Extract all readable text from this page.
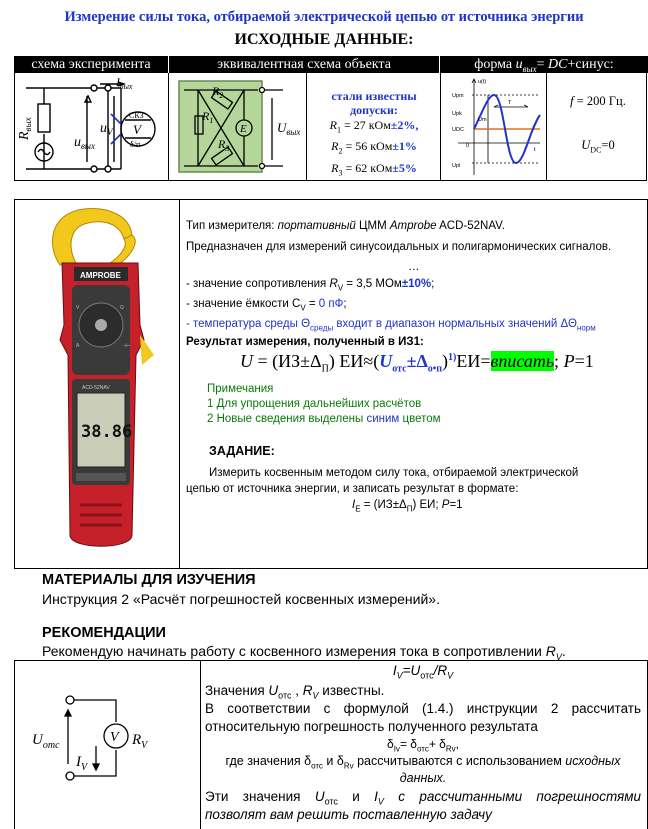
Измерение силы тока, отбираемой электрической цепью от источника энергии
ИСХОДНЫЕ ДАННЫЕ:
схема эксперимента	эквивалентная схема объекта	форма $u_{вых}=$ DC+синус:
$R_{вых}$
$I_{вых}$
$u_V$
$u_{вых}$
СКЗ
V
δ/п
$R_2$
$R_1$
$R_3$
E $U_{вых}$
стали известны
допуски:
$R_1 = 27$ кОм±2%,
$R_2 = 56$ кОм±1%
$R_3 = 62$ кОм±5%
u(t)
Upm
Upk
Um
UDC
0
Upl
T
t
f = 200 Гц.
$U_{DC}=0$
AMPROBE
V	Ω
A	⊣⊢
ACD-52NAV
38.86
Тип измерителя: портативный ЦММ Amprobe ACD-52NAV.
Предназначен для измерений синусоидальных и полигармонических сигналов.
…
- значение сопротивления $R_V = 3,5$ МОм±10%;
- значение ёмкости $С_V = 0$ пФ;
- температура среды $\Theta_{среды}$ входит в диапазон нормальных значений $\Delta\Theta_{норм}$
Результат измерения, полученный в ИЗ1:
$U = (ИЗ\pm\Delta_П)$ $ЕИ\approx(U_{отс}\pm\Delta_{о•п})^{1)}ЕИ=вписать$; P=1
Примечания
1 Для упрощения дальнейших расчётов
2 Новые сведения выделены синим цветом
ЗАДАНИЕ:
Измерить косвенным методом силу тока, отбираемой электрической
цепью от источника энергии, и записать результат в формате:
$I_E = (ИЗ\pm\Delta_П)$ ЕИ; P=1
МАТЕРИАЛЫ ДЛЯ ИЗУЧЕНИЯ
Инструкция 2 «Расчёт погрешностей косвенных измерений».
РЕКОМЕНДАЦИИ
Рекомендую начинать работу с косвенного измерения тока в сопротивлении $R_V$.
V $R_V$
$U_{отс}$
$I_V$
$I_V=U_{отс}/R_V$
Значения $U_{отс}$ , $R_V$ известны.
В соответствии с формулой (1.4.) инструкции 2 рассчитать
относительную погрешность полученного результата
$\delta_{Iv}= \delta_{отс}+ \delta_{Rv}$,
где значения $\delta_{отс}$ и $\delta_{Rv}$ рассчитываются с использованием исходных
данных.
Эти значения $U_{отс}$ и $I_V$ с рассчитанными погрешностями
позволят вам решить поставленную задачу
